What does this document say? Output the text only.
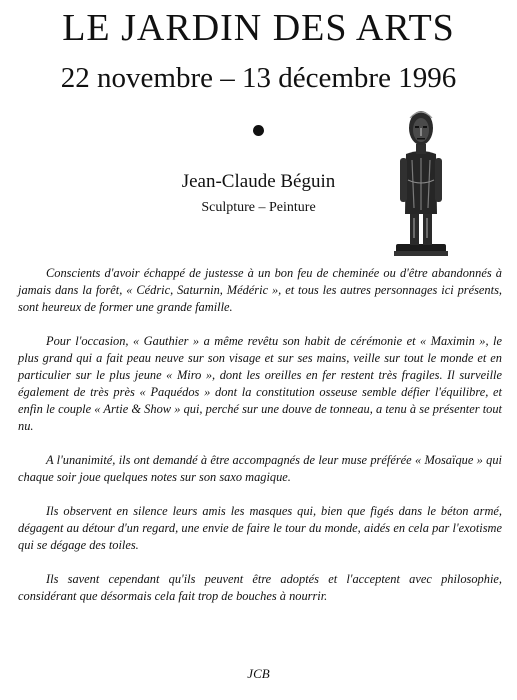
LE JARDIN DES ARTS
22 novembre – 13 décembre 1996
Jean-Claude Béguin
Sculpture – Peinture

Conscients d'avoir échappé de justesse à un bon feu de cheminée ou d'être abandonnés à jamais dans la forêt, « Cédric, Saturnin, Médéric », et tous les autres personnages ici présents, sont heureux de former une grande famille.

Pour l'occasion, « Gauthier » a même revêtu son habit de cérémonie et « Maximin », le plus grand qui a fait peau neuve sur son visage et sur ses mains, veille sur tout le monde et en particulier sur le plus jeune « Miro », dont les oreilles en fer restent très fragiles. Il surveille également de très près « Paquédos » dont la constitution osseuse semble défier l'équilibre, et enfin le couple « Artie & Show » qui, perché sur une douve de tonneau, a tenu à se présenter tout nu.

A l'unanimité, ils ont demandé à être accompagnés de leur muse préférée « Mosaïque » qui chaque soir joue quelques notes sur son saxo magique.

Ils observent en silence leurs amis les masques qui, bien que figés dans le béton armé, dégagent au détour d'un regard, une envie de faire le tour du monde, aidés en cela par l'exotisme qui se dégage des toiles.

Ils savent cependant qu'ils peuvent être adoptés et l'acceptent avec philosophie, considérant que désormais cela fait trop de bouches à nourrir.

JCB
